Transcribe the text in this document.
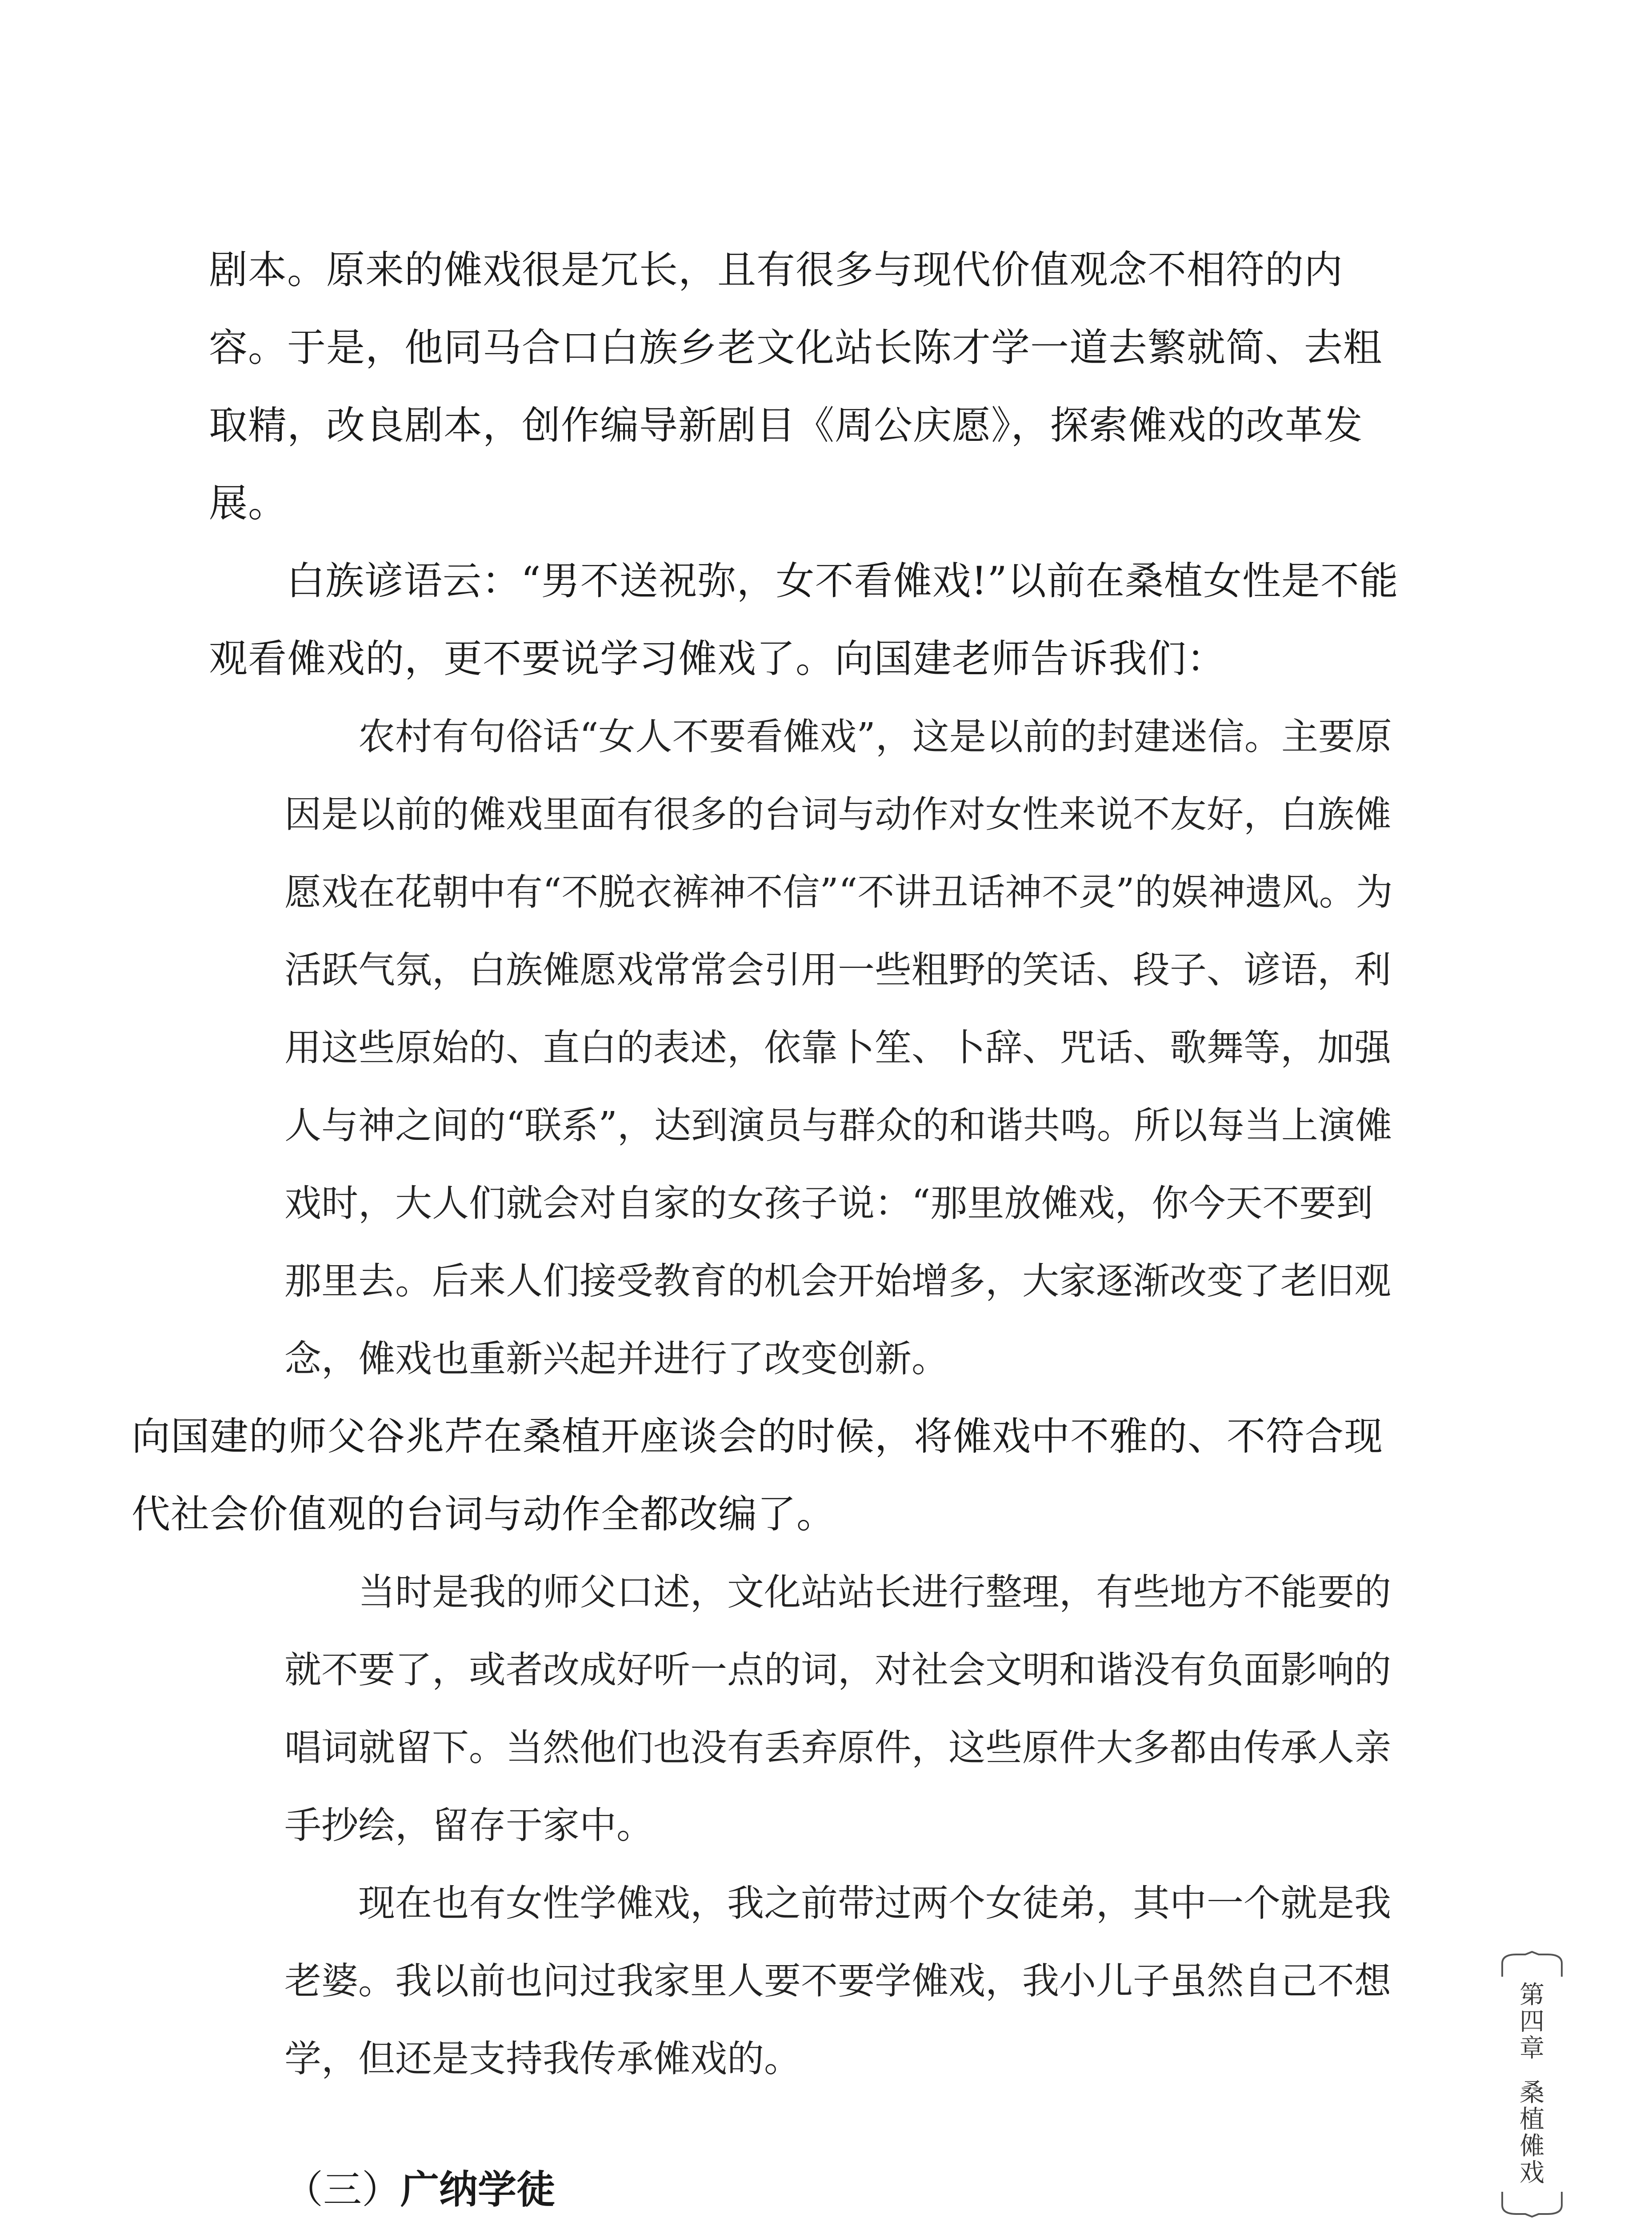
剧本。原来的傩戏很是冗长，且有很多与现代价值观念不相符的内容。于是，他同马合口白族乡老文化站长陈才学一道去繁就简、去粗取精，改良剧本，创作编导新剧目《周公庆愿》，探索傩戏的改革发展。

白族谚语云：“男不送祝弥，女不看傩戏!”以前在桑植女性是不能观看傩戏的，更不要说学习傩戏了。向国建老师告诉我们：

农村有句俗话“女人不要看傩戏”，这是以前的封建迷信。主要原因是以前的傩戏里面有很多的台词与动作对女性来说不友好，白族傩愿戏在花朝中有“不脱衣裤神不信”“不讲丑话神不灵”的娱神遗风。为活跃气氛，白族傩愿戏常常会引用一些粗野的笑话、段子、谚语，利用这些原始的、直白的表述，依靠卜笙、卜辞、咒话、歌舞等，加强人与神之间的“联系”，达到演员与群众的和谐共鸣。所以每当上演傩戏时，大人们就会对自家的女孩子说：“那里放傩戏，你今天不要到那里去。后来人们接受教育的机会开始增多，大家逐渐改变了老旧观念，傩戏也重新兴起并进行了改变创新。

向国建的师父谷兆芹在桑植开座谈会的时候，将傩戏中不雅的、不符合现代社会价值观的台词与动作全都改编了。

当时是我的师父口述，文化站站长进行整理，有些地方不能要的就不要了，或者改成好听一点的词，对社会文明和谐没有负面影响的唱词就留下。当然他们也没有丢弃原件，这些原件大多都由传承人亲手抄绘，留存于家中。

现在也有女性学傩戏，我之前带过两个女徒弟，其中一个就是我老婆。我以前也问过我家里人要不要学傩戏，我小儿子虽然自己不想学，但还是支持我传承傩戏的。

（三）广纳学徒

第
四
章
桑
植
傩
戏
